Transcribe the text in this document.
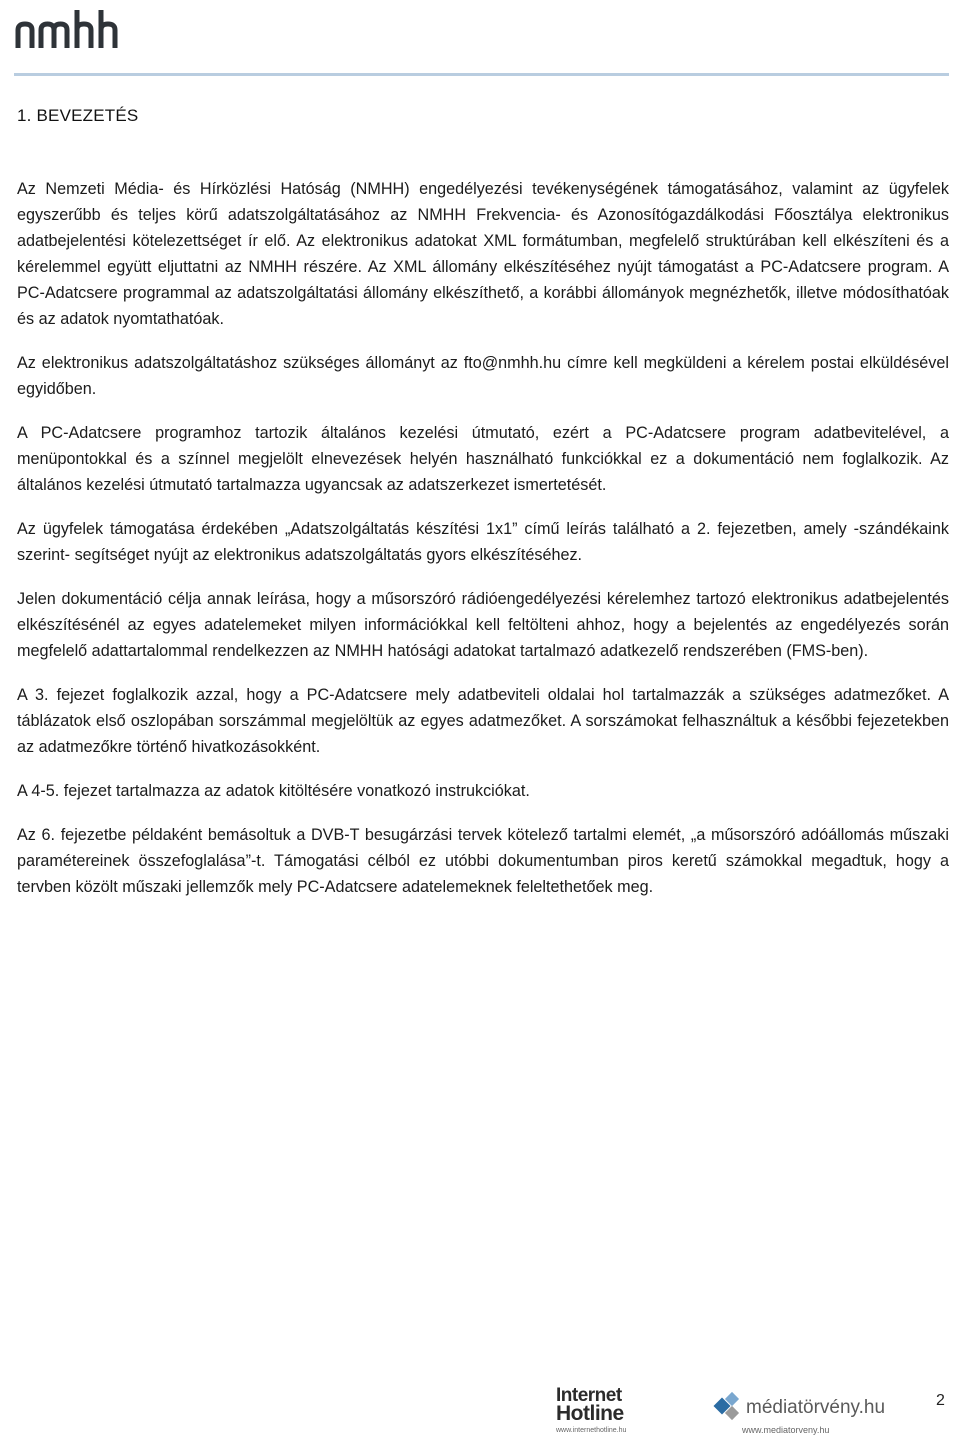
1. BEVEZETÉS

Az Nemzeti Média- és Hírközlési Hatóság (NMHH) engedélyezési tevékenységének támogatásához, valamint az ügyfelek egyszerűbb és teljes körű adatszolgáltatásához az NMHH Frekvencia- és Azonosítógazdálkodási Főosztálya elektronikus adatbejelentési kötelezettséget ír elő. Az elektronikus adatokat XML formátumban, megfelelő struktúrában kell elkészíteni és a kérelemmel együtt eljuttatni az NMHH részére. Az XML állomány elkészítéséhez nyújt támogatást a PC-Adatcsere program. A PC-Adatcsere programmal az adatszolgáltatási állomány elkészíthető, a korábbi állományok megnézhetők, illetve módosíthatóak és az adatok nyomtathatóak.

Az elektronikus adatszolgáltatáshoz szükséges állományt az fto@nmhh.hu címre kell megküldeni a kérelem postai elküldésével egyidőben.

A PC-Adatcsere programhoz tartozik általános kezelési útmutató, ezért a PC-Adatcsere program adatbevitelével, a menüpontokkal és a színnel megjelölt elnevezések helyén használható funkciókkal ez a dokumentáció nem foglalkozik. Az általános kezelési útmutató tartalmazza ugyancsak az adatszerkezet ismertetését.

Az ügyfelek támogatása érdekében „Adatszolgáltatás készítési 1x1” című leírás található a 2. fejezetben, amely -szándékaink szerint- segítséget nyújt az elektronikus adatszolgáltatás gyors elkészítéséhez.

Jelen dokumentáció célja annak leírása, hogy a műsorszóró rádióengedélyezési kérelemhez tartozó elektronikus adatbejelentés elkészítésénél az egyes adatelemeket milyen információkkal kell feltölteni ahhoz, hogy a bejelentés az engedélyezés során megfelelő adattartalommal rendelkezzen az NMHH hatósági adatokat tartalmazó adatkezelő rendszerében (FMS-ben).

A 3. fejezet foglalkozik azzal, hogy a PC-Adatcsere mely adatbeviteli oldalai hol tartalmazzák a szükséges adatmezőket. A táblázatok első oszlopában sorszámmal megjelöltük az egyes adatmezőket. A sorszámokat felhasználtuk a későbbi fejezetekben az adatmezőkre történő hivatkozásokként.

A 4-5. fejezet tartalmazza az adatok kitöltésére vonatkozó instrukciókat.

Az 6. fejezetbe példaként bemásoltuk a DVB-T besugárzási tervek kötelező tartalmi elemét, „a műsorszóró adóállomás műszaki paramétereinek összefoglalása”-t. Támogatási célból ez utóbbi dokumentumban piros keretű számokkal megadtuk, hogy a tervben közölt műszaki jellemzők mely PC-Adatcsere adatelemeknek feleltethetőek meg.

Internet
Hotline
www.internethotline.hu
médiatörvény.hu
www.mediatorveny.hu
2
